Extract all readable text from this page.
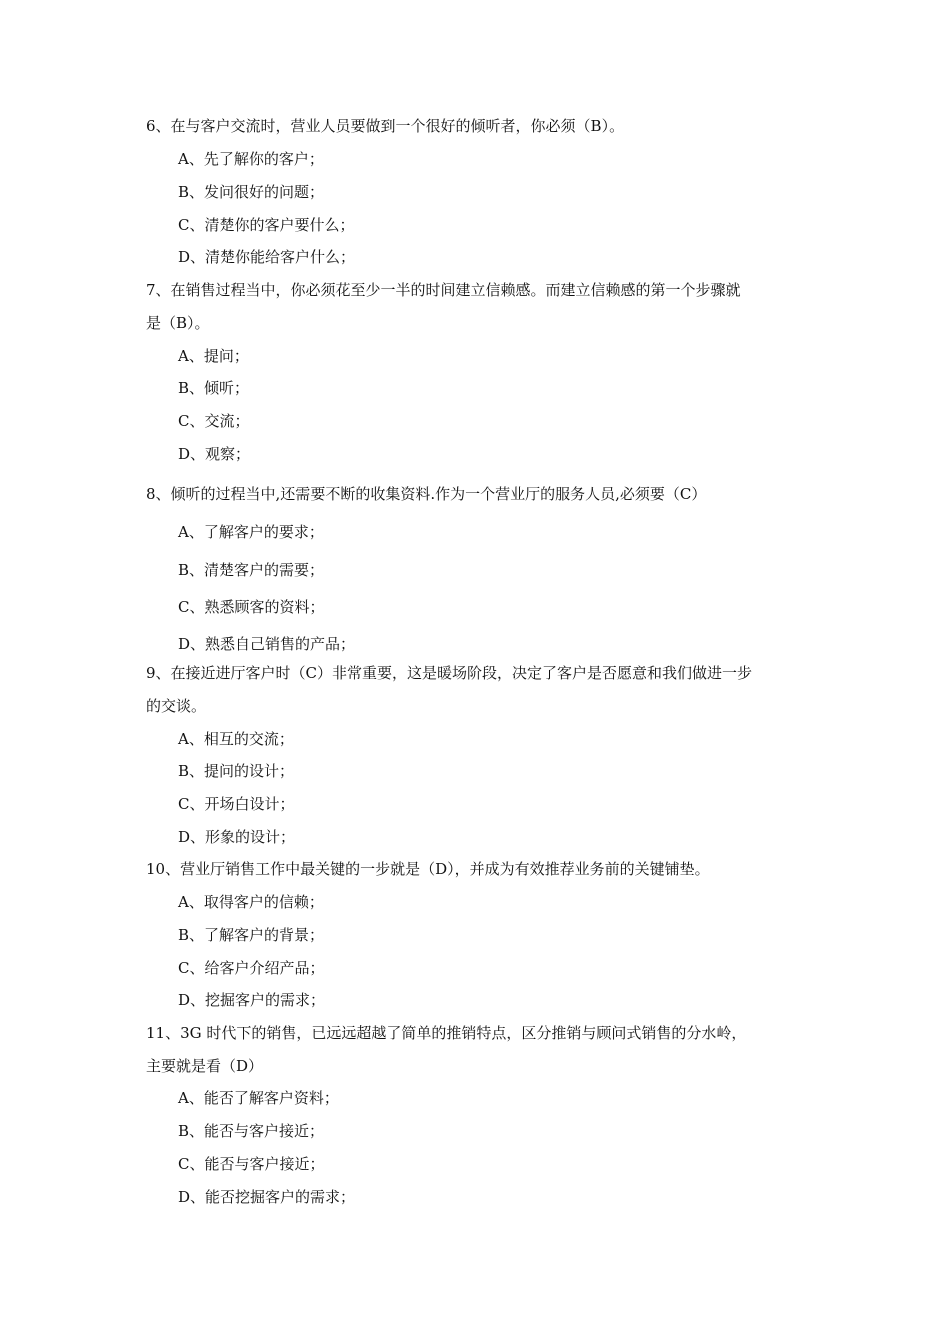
6、在与客户交流时，营业人员要做到一个很好的倾听者，你必须（B）。
A、先了解你的客户；
B、发问很好的问题；
C、清楚你的客户要什么；
D、清楚你能给客户什么；
7、在销售过程当中，你必须花至少一半的时间建立信赖感。而建立信赖感的第一个步骤就
是（B）。
A、提问；
B、倾听；
C、交流；
D、观察；
8、倾听的过程当中,还需要不断的收集资料.作为一个营业厅的服务人员,必须要（C）
A、了解客户的要求；
B、清楚客户的需要；
C、熟悉顾客的资料；
D、熟悉自己销售的产品；
9、在接近进厅客户时（C）非常重要，这是暖场阶段，决定了客户是否愿意和我们做进一步
的交谈。
A、相互的交流；
B、提问的设计；
C、开场白设计；
D、形象的设计；
10、营业厅销售工作中最关键的一步就是（D），并成为有效推荐业务前的关键铺垫。
A、取得客户的信赖；
B、了解客户的背景；
C、给客户介绍产品；
D、挖掘客户的需求；
11、3G 时代下的销售，已远远超越了简单的推销特点，区分推销与顾问式销售的分水岭，
主要就是看（D）
A、能否了解客户资料；
B、能否与客户接近；
C、能否与客户接近；
D、能否挖掘客户的需求；
